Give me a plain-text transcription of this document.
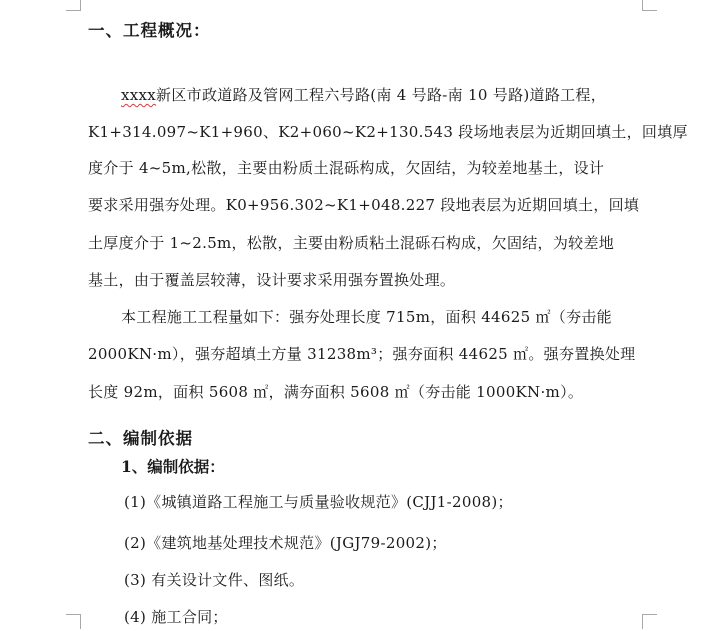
一、工程概况：
xxxx新区市政道路及管网工程六号路(南 4 号路-南 10 号路)道路工程，
K1+314.097~K1+960、K2+060~K2+130.543 段场地表层为近期回填土，回填厚
度介于 4~5m,松散，主要由粉质土混砾构成，欠固结，为较差地基土，设计
要求采用强夯处理。K0+956.302~K1+048.227 段地表层为近期回填土，回填
土厚度介于 1~2.5m，松散，主要由粉质粘土混砾石构成，欠固结，为较差地
基土，由于覆盖层较薄，设计要求采用强夯置换处理。
本工程施工工程量如下：强夯处理长度 715m，面积 44625 ㎡（夯击能
2000KN·m），强夯超填土方量 31238m³；强夯面积 44625 ㎡。强夯置换处理
长度 92m，面积 5608 ㎡，满夯面积 5608 ㎡（夯击能 1000KN·m）。
二、编制依据
1、编制依据：
(1)《城镇道路工程施工与质量验收规范》(CJJ1-2008)；
(2)《建筑地基处理技术规范》(JGJ79-2002)；
(3) 有关设计文件、图纸。
(4) 施工合同；
